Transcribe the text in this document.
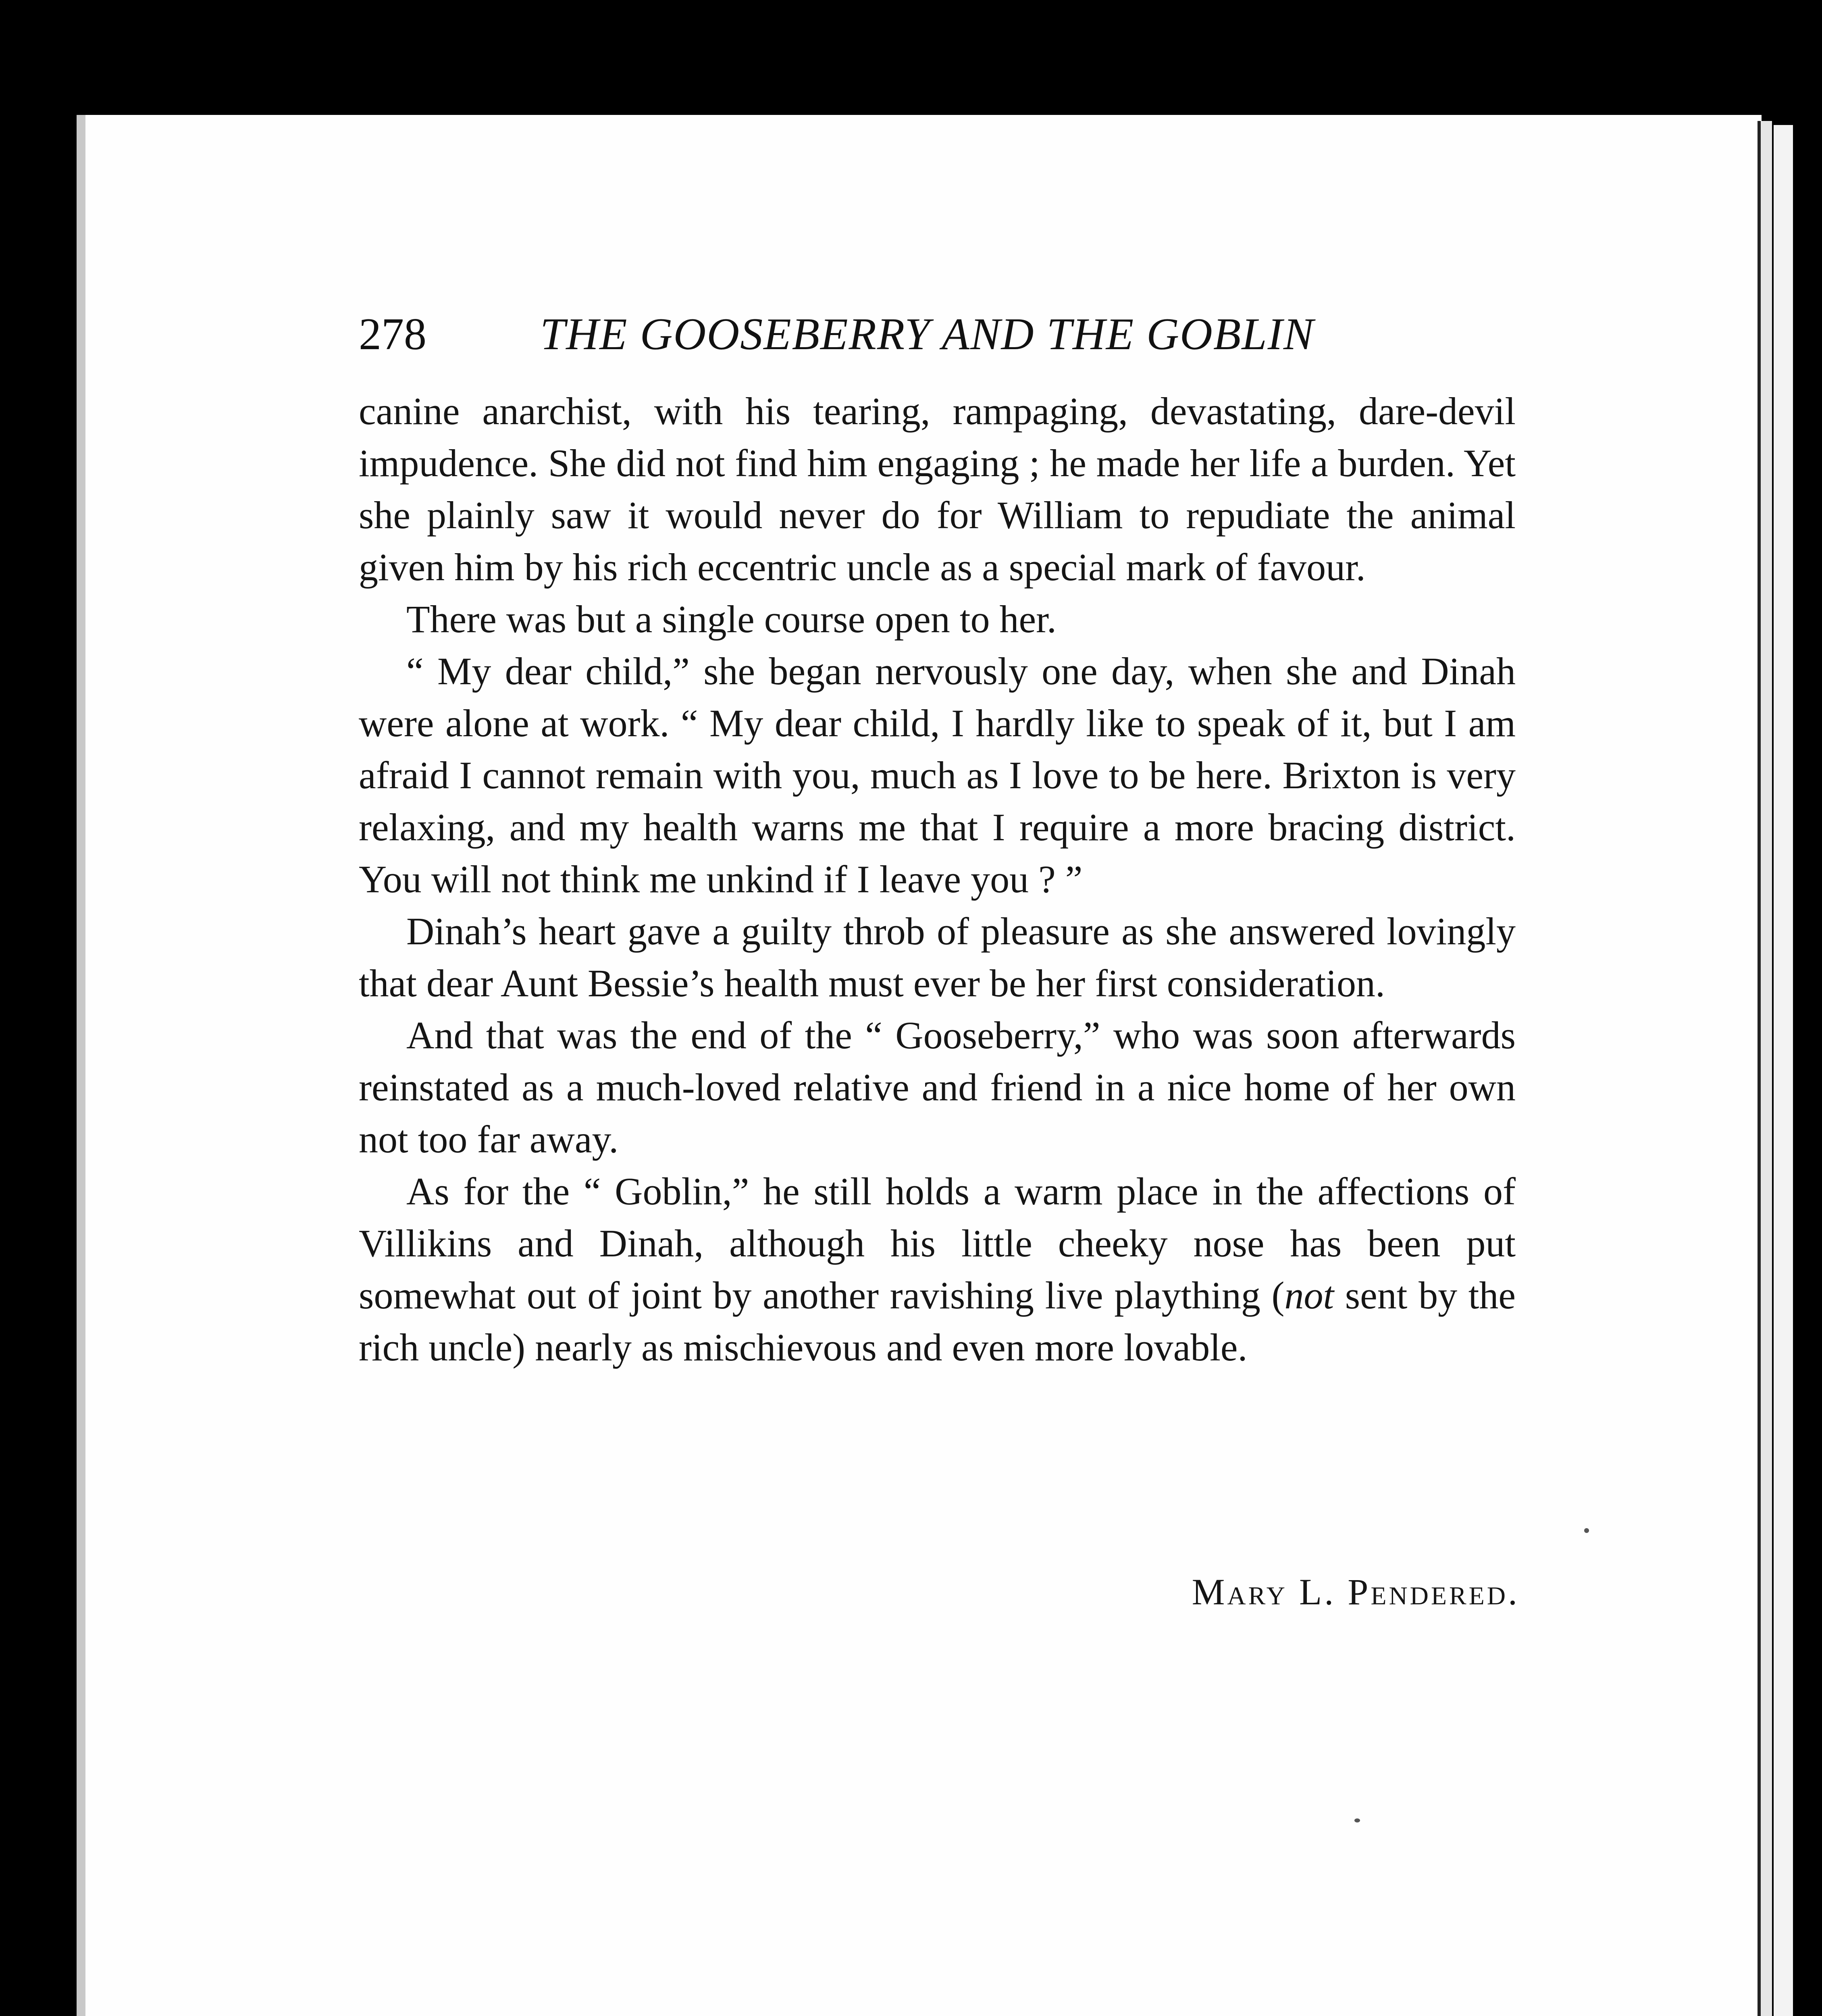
278	THE GOOSEBERRY AND THE GOBLIN

canine anarchist, with his tearing, rampaging, devastating, dare-devil impudence. She did not find him engaging ; he made her life a burden. Yet she plainly saw it would never do for William to repudiate the animal given him by his rich eccentric uncle as a special mark of favour.

There was but a single course open to her.

“ My dear child,” she began nervously one day, when she and Dinah were alone at work. “ My dear child, I hardly like to speak of it, but I am afraid I cannot remain with you, much as I love to be here. Brixton is very relaxing, and my health warns me that I require a more bracing district. You will not think me unkind if I leave you ? ”

Dinah’s heart gave a guilty throb of pleasure as she answered lovingly that dear Aunt Bessie’s health must ever be her first consideration.

And that was the end of the “ Gooseberry,” who was soon afterwards reinstated as a much-loved relative and friend in a nice home of her own not too far away.

As for the “ Goblin,” he still holds a warm place in the affections of Villikins and Dinah, although his little cheeky nose has been put somewhat out of joint by another ravishing live plaything (not sent by the rich uncle) nearly as mischievous and even more lovable.

Mary L. Pendered.
